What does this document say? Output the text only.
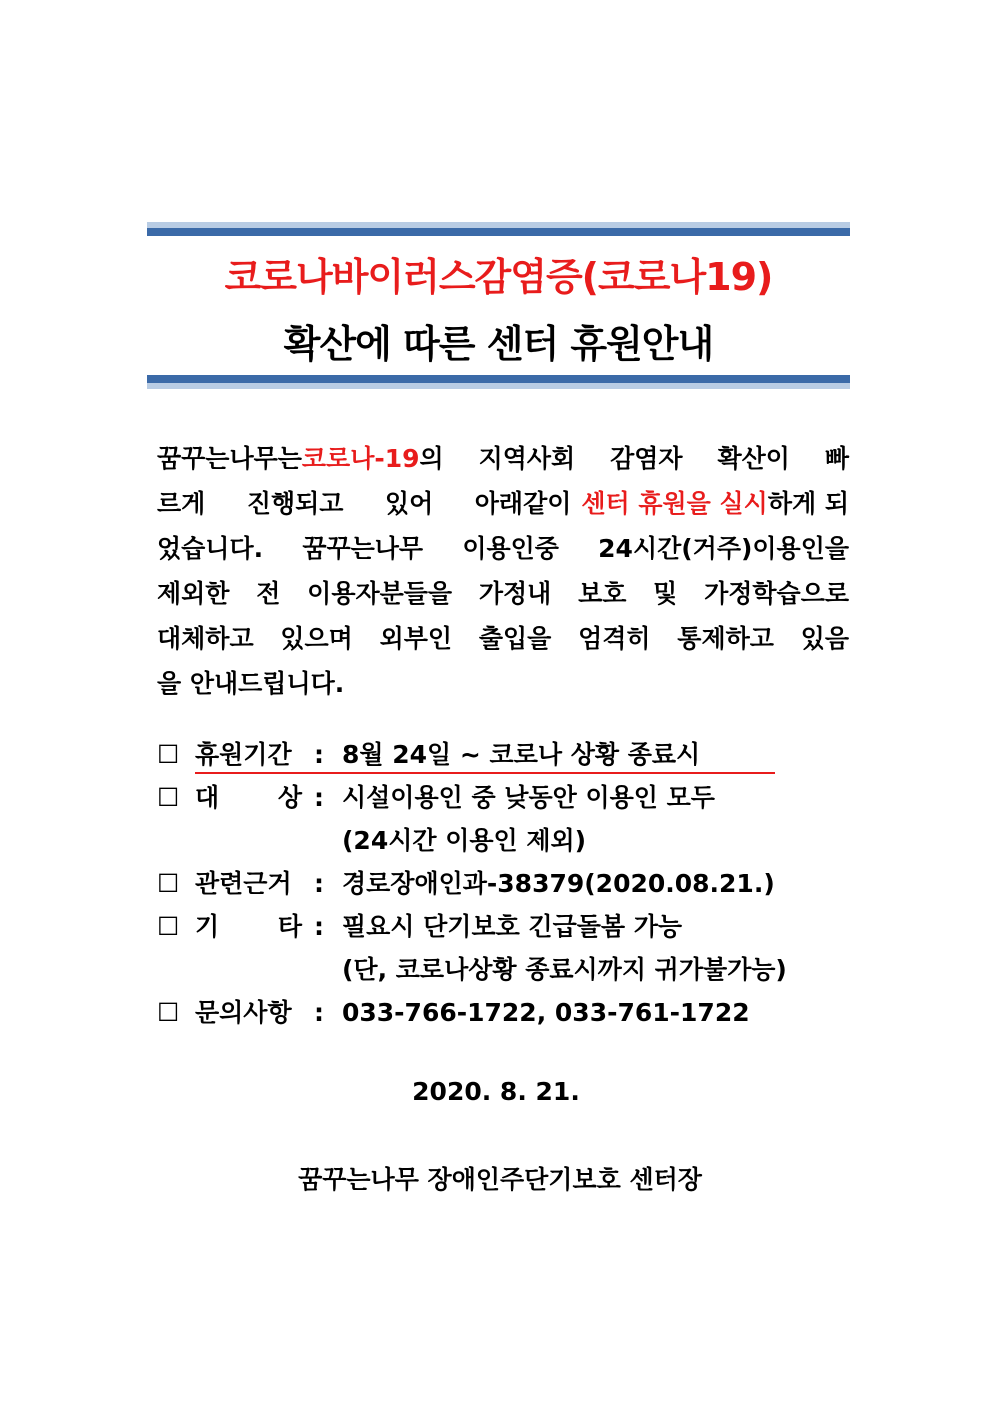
코로나바이러스감염증(코로나19)
확산에 따른 센터 휴원안내
꿈꾸는나무는 코로나-19 의 지역사회 감염자 확산이 빠
르게 진행되고 있어 아래같이 센터 휴원을 실시 하게 되
었습니다. 꿈꾸는나무 이용인중 24시간(거주)이용인을
제외한 전 이용자분들을 가정내 보호 및 가정학습으로
대체하고 있으며 외부인 출입을 엄격히 통제하고 있음
을 안내드립니다.
☐ 휴원기간 : 8월 24일 ~ 코로나 상황 종료시
☐ 대 상 : 시설이용인 중 낮동안 이용인 모두
(24시간 이용인 제외)
☐ 관련근거 : 경로장애인과-38379(2020.08.21.)
☐ 기 타 : 필요시 단기보호 긴급돌봄 가능
(단, 코로나상황 종료시까지 귀가불가능)
☐ 문의사항 : 033-766-1722, 033-761-1722
2020. 8. 21.
꿈꾸는나무 장애인주단기보호 센터장
